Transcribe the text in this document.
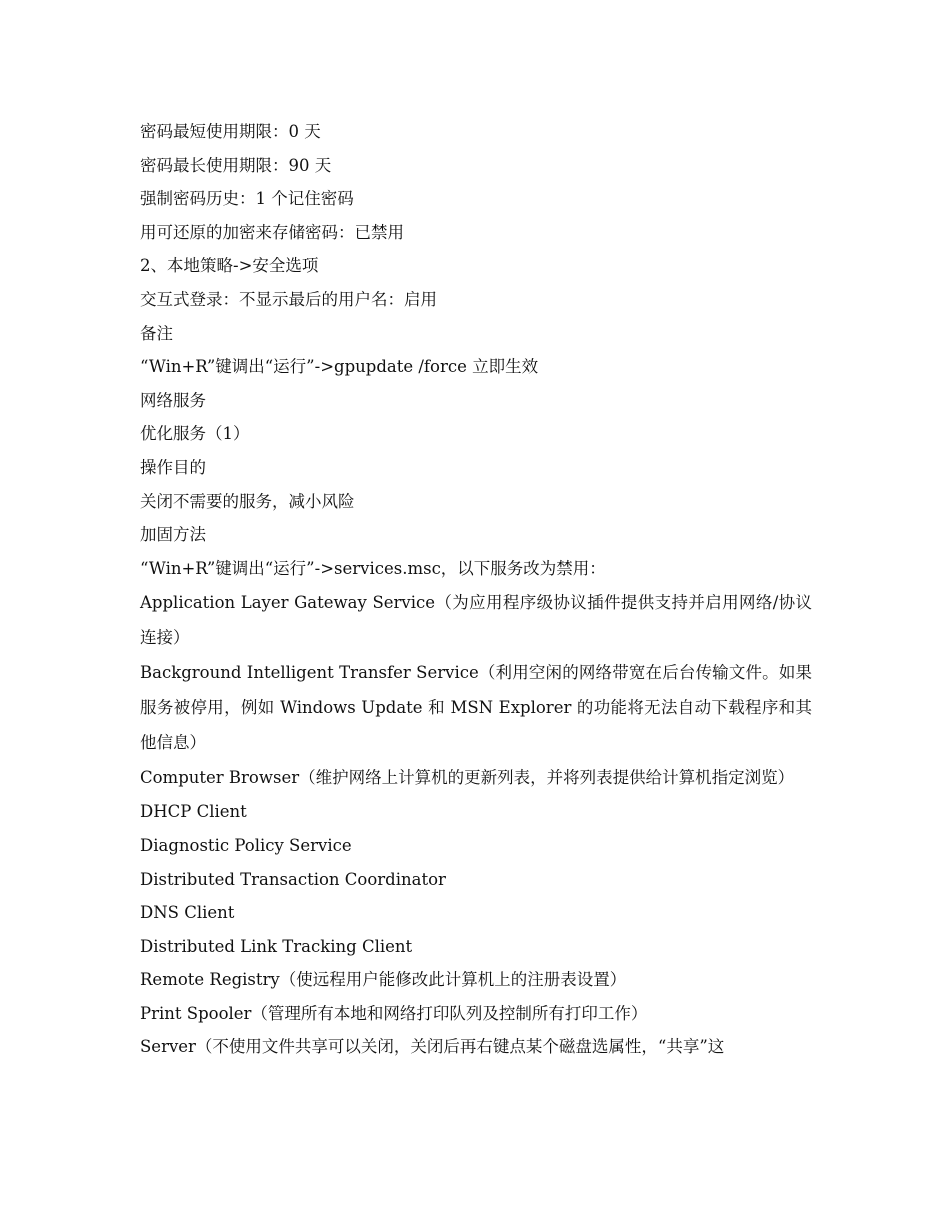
密码最短使用期限：0 天
密码最长使用期限：90 天
强制密码历史：1 个记住密码
用可还原的加密来存储密码：已禁用
2、本地策略->安全选项
交互式登录：不显示最后的用户名：启用
备注
“Win+R”键调出“运行”->gpupdate /force 立即生效
网络服务
优化服务（1）
操作目的
关闭不需要的服务，减小风险
加固方法
“Win+R”键调出“运行”->services.msc，以下服务改为禁用：
Application Layer Gateway Service（为应用程序级协议插件提供支持并启用网络/协议连接）
Background Intelligent Transfer Service（利用空闲的网络带宽在后台传输文件。如果服务被停用，例如 Windows Update 和 MSN Explorer 的功能将无法自动下载程序和其他信息）
Computer Browser（维护网络上计算机的更新列表，并将列表提供给计算机指定浏览）
DHCP Client
Diagnostic Policy Service
Distributed Transaction Coordinator
DNS Client
Distributed Link Tracking Client
Remote Registry（使远程用户能修改此计算机上的注册表设置）
Print Spooler（管理所有本地和网络打印队列及控制所有打印工作）
Server（不使用文件共享可以关闭，关闭后再右键点某个磁盘选属性，“共享”这
